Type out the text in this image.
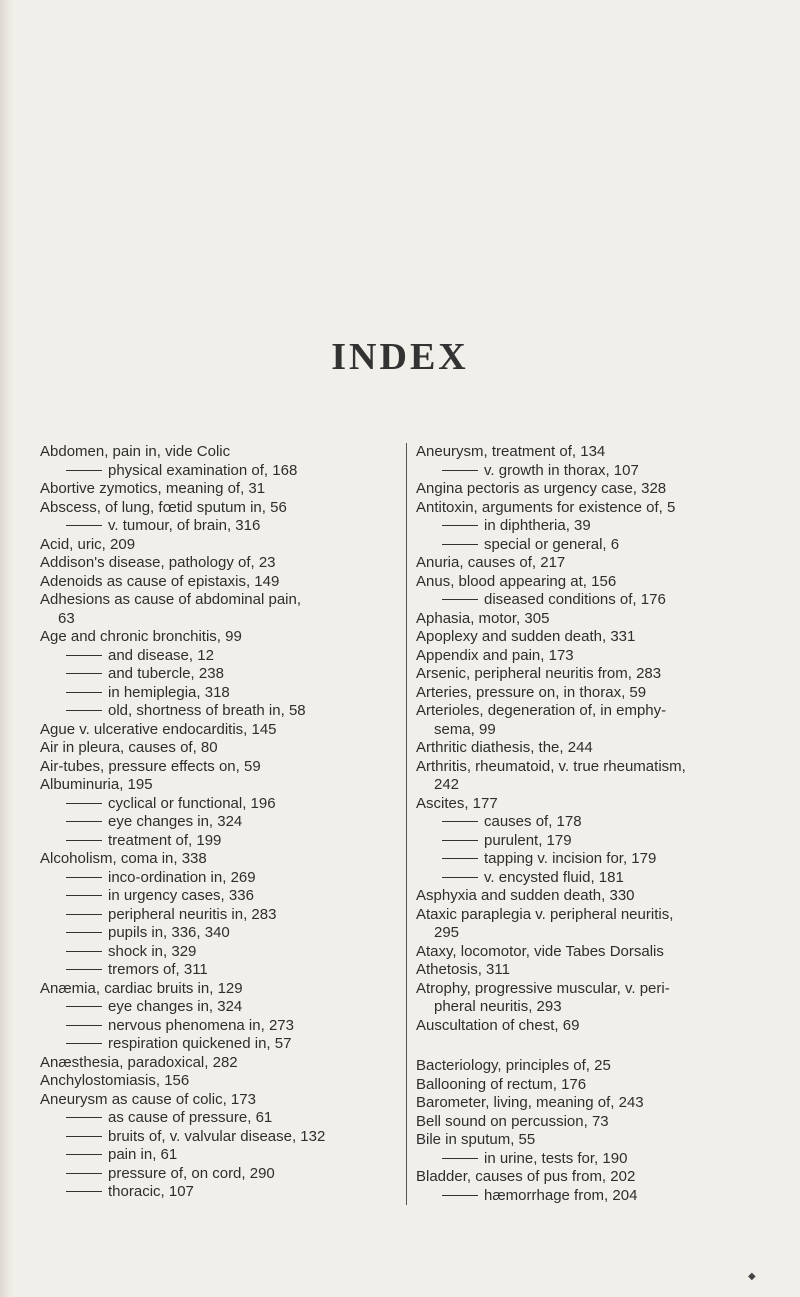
INDEX
Abdomen, pain in, vide Colic
physical examination of, 168
Abortive zymotics, meaning of, 31
Abscess, of lung, fœtid sputum in, 56
v. tumour, of brain, 316
Acid, uric, 209
Addison's disease, pathology of, 23
Adenoids as cause of epistaxis, 149
Adhesions as cause of abdominal pain,
63
Age and chronic bronchitis, 99
and disease, 12
and tubercle, 238
in hemiplegia, 318
old, shortness of breath in, 58
Ague v. ulcerative endocarditis, 145
Air in pleura, causes of, 80
Air-tubes, pressure effects on, 59
Albuminuria, 195
cyclical or functional, 196
eye changes in, 324
treatment of, 199
Alcoholism, coma in, 338
inco-ordination in, 269
in urgency cases, 336
peripheral neuritis in, 283
pupils in, 336, 340
shock in, 329
tremors of, 311
Anæmia, cardiac bruits in, 129
eye changes in, 324
nervous phenomena in, 273
respiration quickened in, 57
Anæsthesia, paradoxical, 282
Anchylostomiasis, 156
Aneurysm as cause of colic, 173
as cause of pressure, 61
bruits of, v. valvular disease, 132
pain in, 61
pressure of, on cord, 290
thoracic, 107
Aneurysm, treatment of, 134
v. growth in thorax, 107
Angina pectoris as urgency case, 328
Antitoxin, arguments for existence of, 5
in diphtheria, 39
special or general, 6
Anuria, causes of, 217
Anus, blood appearing at, 156
diseased conditions of, 176
Aphasia, motor, 305
Apoplexy and sudden death, 331
Appendix and pain, 173
Arsenic, peripheral neuritis from, 283
Arteries, pressure on, in thorax, 59
Arterioles, degeneration of, in emphy-
sema, 99
Arthritic diathesis, the, 244
Arthritis, rheumatoid, v. true rheumatism,
242
Ascites, 177
causes of, 178
purulent, 179
tapping v. incision for, 179
v. encysted fluid, 181
Asphyxia and sudden death, 330
Ataxic paraplegia v. peripheral neuritis,
295
Ataxy, locomotor, vide Tabes Dorsalis
Athetosis, 311
Atrophy, progressive muscular, v. peri-
pheral neuritis, 293
Auscultation of chest, 69
Bacteriology, principles of, 25
Ballooning of rectum, 176
Barometer, living, meaning of, 243
Bell sound on percussion, 73
Bile in sputum, 55
in urine, tests for, 190
Bladder, causes of pus from, 202
hæmorrhage from, 204
◆
